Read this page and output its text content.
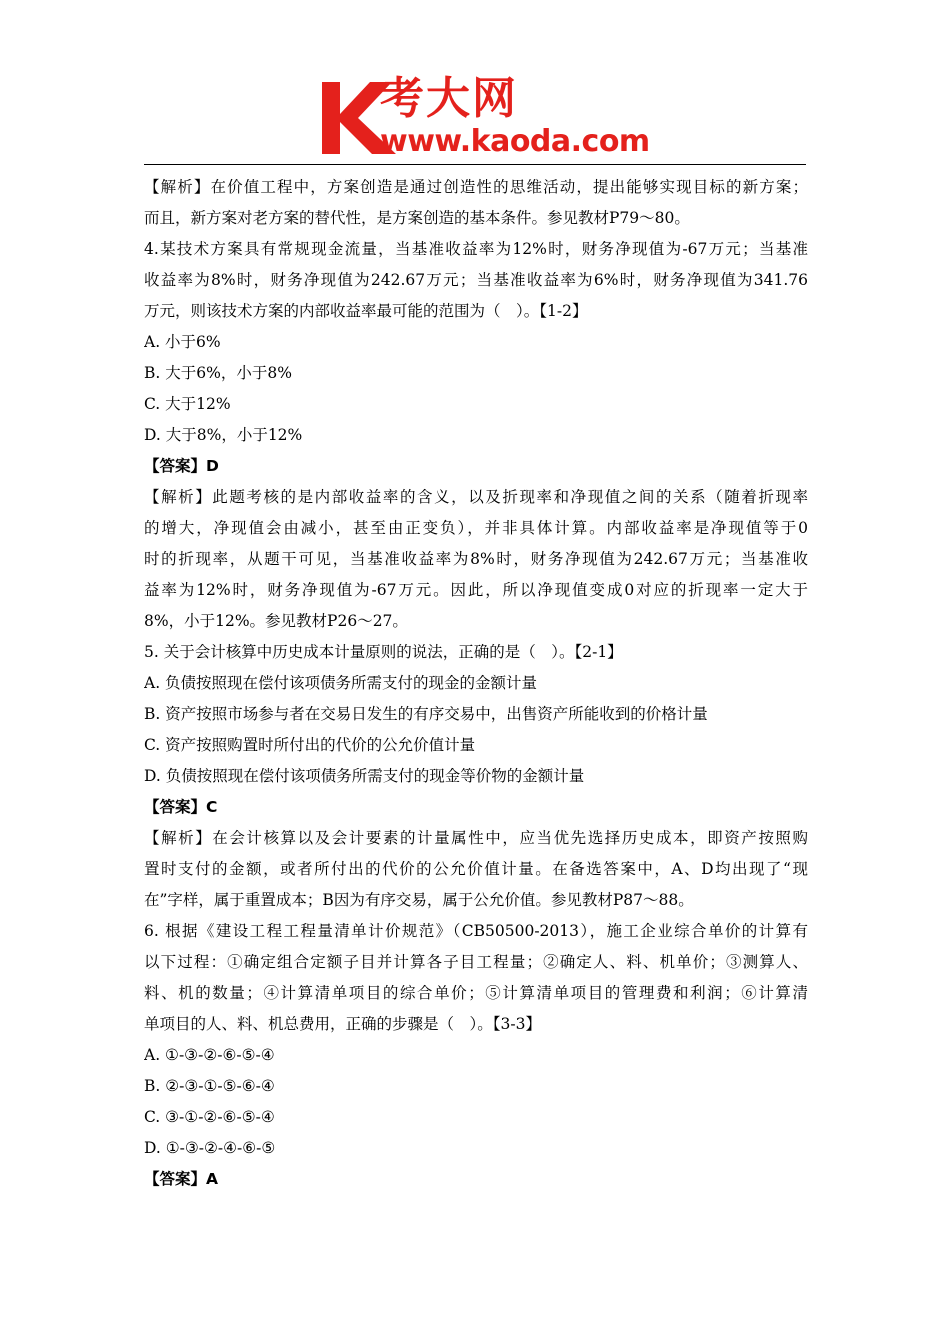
考大网
www.kaoda.com
【解析】在价值工程中，方案创造是通过创造性的思维活动，提出能够实现目标的新方案；
而且，新方案对老方案的替代性，是方案创造的基本条件。参见教材P79～80。
4.某技术方案具有常规现金流量，当基准收益率为12%时，财务净现值为-67万元；当基准
收益率为8%时，财务净现值为242.67万元；当基准收益率为6%时，财务净现值为341.76
万元，则该技术方案的内部收益率最可能的范围为（　）。【1-2】
A. 小于6%
B. 大于6%，小于8%
C. 大于12%
D. 大于8%，小于12%
【答案】D
【解析】此题考核的是内部收益率的含义，以及折现率和净现值之间的关系（随着折现率
的增大，净现值会由减小，甚至由正变负），并非具体计算。内部收益率是净现值等于0
时的折现率，从题干可见，当基准收益率为8%时，财务净现值为242.67万元；当基准收
益率为12%时，财务净现值为-67万元。因此，所以净现值变成0对应的折现率一定大于
8%，小于12%。参见教材P26～27。
5. 关于会计核算中历史成本计量原则的说法，正确的是（　）。【2-1】
A. 负债按照现在偿付该项债务所需支付的现金的金额计量
B. 资产按照市场参与者在交易日发生的有序交易中，出售资产所能收到的价格计量
C. 资产按照购置时所付出的代价的公允价值计量
D. 负债按照现在偿付该项债务所需支付的现金等价物的金额计量
【答案】C
【解析】在会计核算以及会计要素的计量属性中，应当优先选择历史成本，即资产按照购
置时支付的金额，或者所付出的代价的公允价值计量。在备选答案中，A、D均出现了“现
在”字样，属于重置成本；B因为有序交易，属于公允价值。参见教材P87～88。
6. 根据《建设工程工程量清单计价规范》（CB50500-2013），施工企业综合单价的计算有
以下过程：①确定组合定额子目并计算各子目工程量；②确定人、料、机单价；③测算人、
料、机的数量；④计算清单项目的综合单价；⑤计算清单项目的管理费和利润；⑥计算清
单项目的人、料、机总费用，正确的步骤是（　）。【3-3】
A. ①-③-②-⑥-⑤-④
B. ②-③-①-⑤-⑥-④
C. ③-①-②-⑥-⑤-④
D. ①-③-②-④-⑥-⑤
【答案】A
